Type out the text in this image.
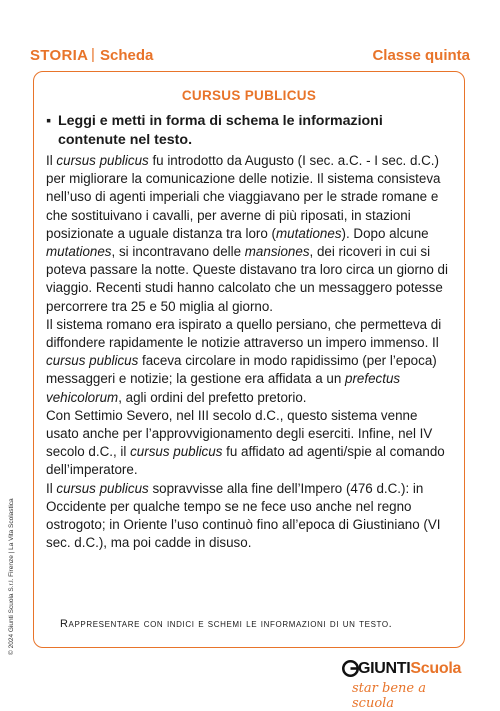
STORIA | Scheda	Classe quinta
CURSUS PUBLICUS
▪ Leggi e metti in forma di schema le informazioni contenute nel testo.

Il cursus publicus fu introdotto da Augusto (I sec. a.C. - I sec. d.C.) per migliorare la comunicazione delle notizie. Il sistema consisteva nell’uso di agenti imperiali che viaggiavano per le strade romane e che sostituivano i cavalli, per averne di più riposati, in stazioni posizionate a uguale distanza tra loro (mutationes). Dopo alcune mutationes, si incontravano delle mansiones, dei ricoveri in cui si poteva passare la notte. Queste distavano tra loro circa un giorno di viaggio. Recenti studi hanno calcolato che un messaggero potesse percorrere tra 25 e 50 miglia al giorno.

Il sistema romano era ispirato a quello persiano, che permetteva di diffondere rapidamente le notizie attraverso un impero immenso. Il cursus publicus faceva circolare in modo rapidissimo (per l’epoca) messaggeri e notizie; la gestione era affidata a un prefectus vehicolorum, agli ordini del prefetto pretorio.

Con Settimio Severo, nel III secolo d.C., questo sistema venne usato anche per l’approvvigionamento degli eserciti. Infine, nel IV secolo d.C., il cursus publicus fu affidato ad agenti/spie al comando dell’imperatore.

Il cursus publicus sopravvisse alla fine dell’Impero (476 d.C.): in Occidente per qualche tempo se ne fece uso anche nel regno ostrogoto; in Oriente l’uso continuò fino all’epoca di Giustiniano (VI sec. d.C.), ma poi cadde in disuso.

Rappresentare con indici e schemi le informazioni di un testo.
© 2024 Giunti Scuola S.r.l. Firenze | La Vita Scolastica
GIUNTIScuola
star bene a scuola
